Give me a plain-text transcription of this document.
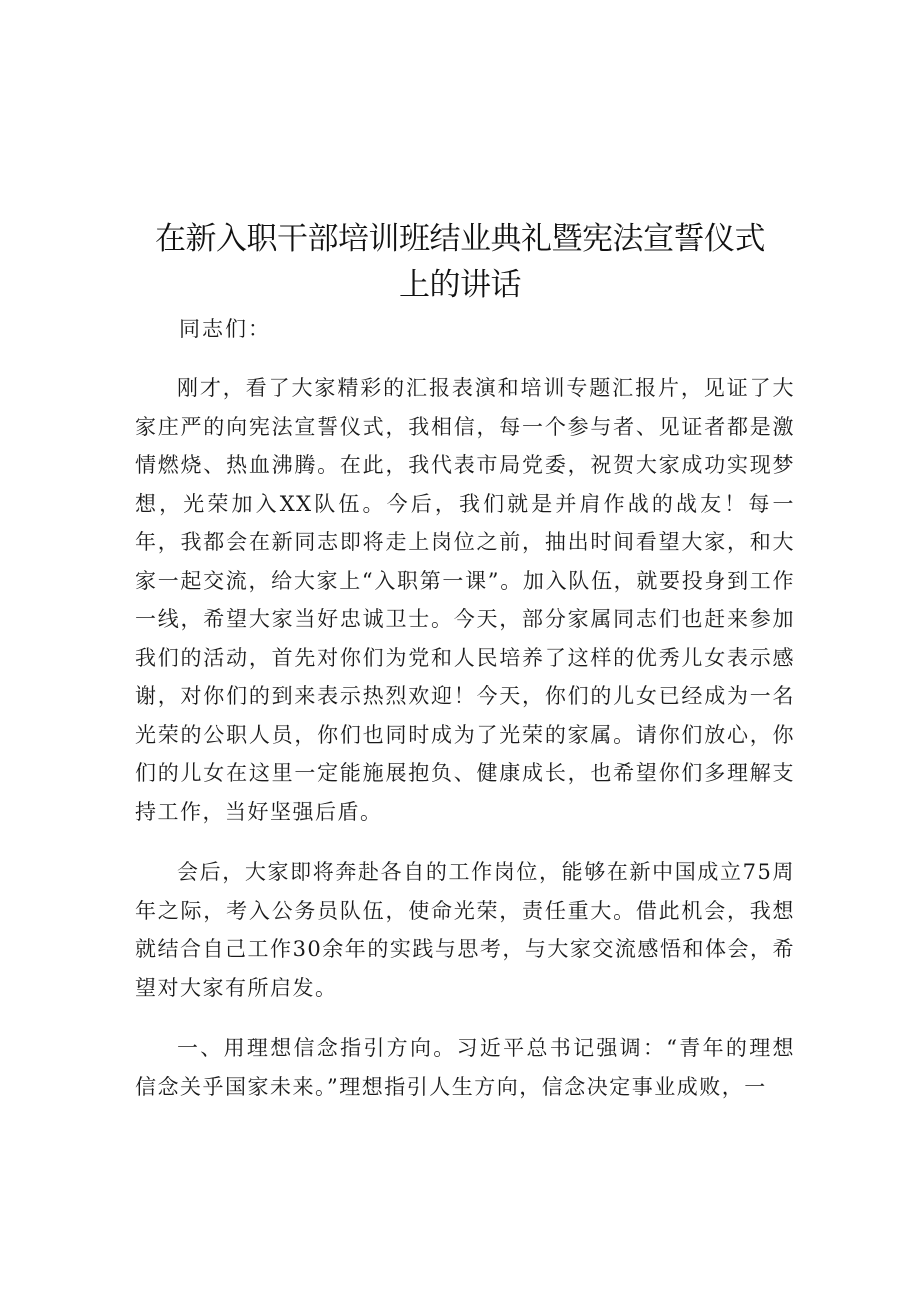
在新入职干部培训班结业典礼暨宪法宣誓仪式
上的讲话

同志们：

刚才，看了大家精彩的汇报表演和培训专题汇报片，见证了大家庄严的向宪法宣誓仪式，我相信，每一个参与者、见证者都是激情燃烧、热血沸腾。在此，我代表市局党委，祝贺大家成功实现梦想，光荣加入XX队伍。今后，我们就是并肩作战的战友！每一年，我都会在新同志即将走上岗位之前，抽出时间看望大家，和大家一起交流，给大家上“入职第一课”。加入队伍，就要投身到工作一线，希望大家当好忠诚卫士。今天，部分家属同志们也赶来参加我们的活动，首先对你们为党和人民培养了这样的优秀儿女表示感谢，对你们的到来表示热烈欢迎！今天，你们的儿女已经成为一名光荣的公职人员，你们也同时成为了光荣的家属。请你们放心，你们的儿女在这里一定能施展抱负、健康成长，也希望你们多理解支持工作，当好坚强后盾。

会后，大家即将奔赴各自的工作岗位，能够在新中国成立75周年之际，考入公务员队伍，使命光荣，责任重大。借此机会，我想就结合自己工作30余年的实践与思考，与大家交流感悟和体会，希望对大家有所启发。

一、用理想信念指引方向。习近平总书记强调：“青年的理想信念关乎国家未来。”理想指引人生方向，信念决定事业成败，一
